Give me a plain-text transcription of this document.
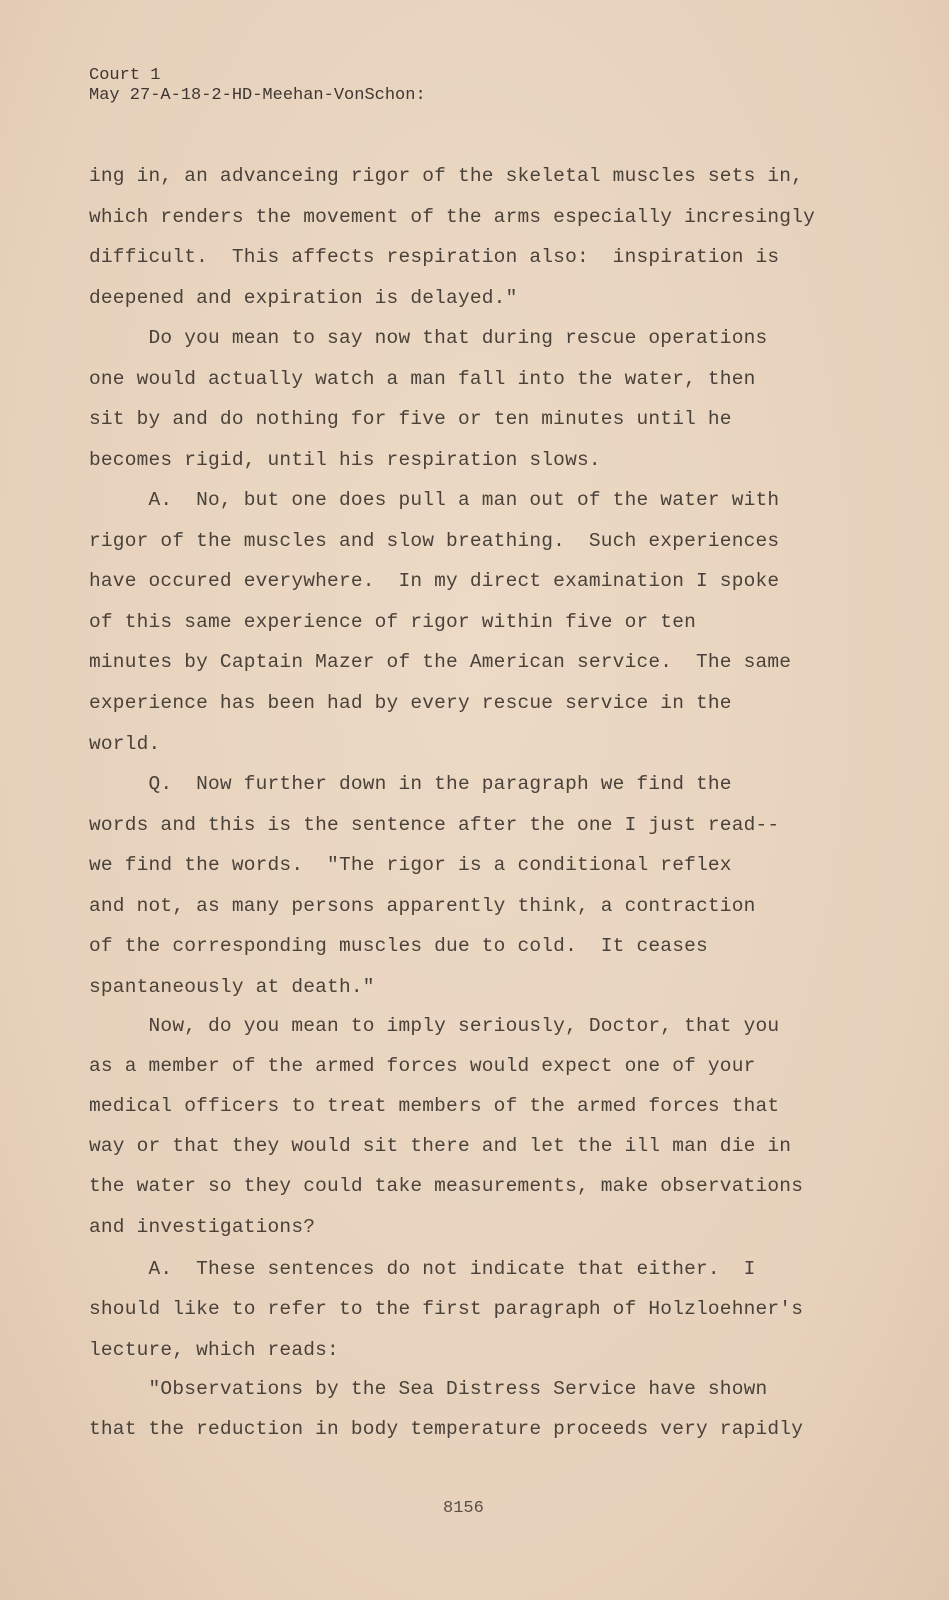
Court 1
May 27-A-18-2-HD-Meehan-VonSchon:
ing in, an advanceing rigor of the skeletal muscles sets in,
which renders the movement of the arms especially incresingly
difficult.  This affects respiration also:  inspiration is
deepened and expiration is delayed."
Do you mean to say now that during rescue operations
one would actually watch a man fall into the water, then
sit by and do nothing for five or ten minutes until he
becomes rigid, until his respiration slows.
A.  No, but one does pull a man out of the water with
rigor of the muscles and slow breathing.  Such experiences
have occured everywhere.  In my direct examination I spoke
of this same experience of rigor within five or ten
minutes by Captain Mazer of the American service.  The same
experience has been had by every rescue service in the
world.
Q.  Now further down in the paragraph we find the
words and this is the sentence after the one I just read--
we find the words.  "The rigor is a conditional reflex
and not, as many persons apparently think, a contraction
of the corresponding muscles due to cold.  It ceases
spantaneously at death."
Now, do you mean to imply seriously, Doctor, that you
as a member of the armed forces would expect one of your
medical officers to treat members of the armed forces that
way or that they would sit there and let the ill man die in
the water so they could take measurements, make observations
and investigations?
A.  These sentences do not indicate that either.  I
should like to refer to the first paragraph of Holzloehner's
lecture, which reads:
"Observations by the Sea Distress Service have shown
that the reduction in body temperature proceeds very rapidly
8156
